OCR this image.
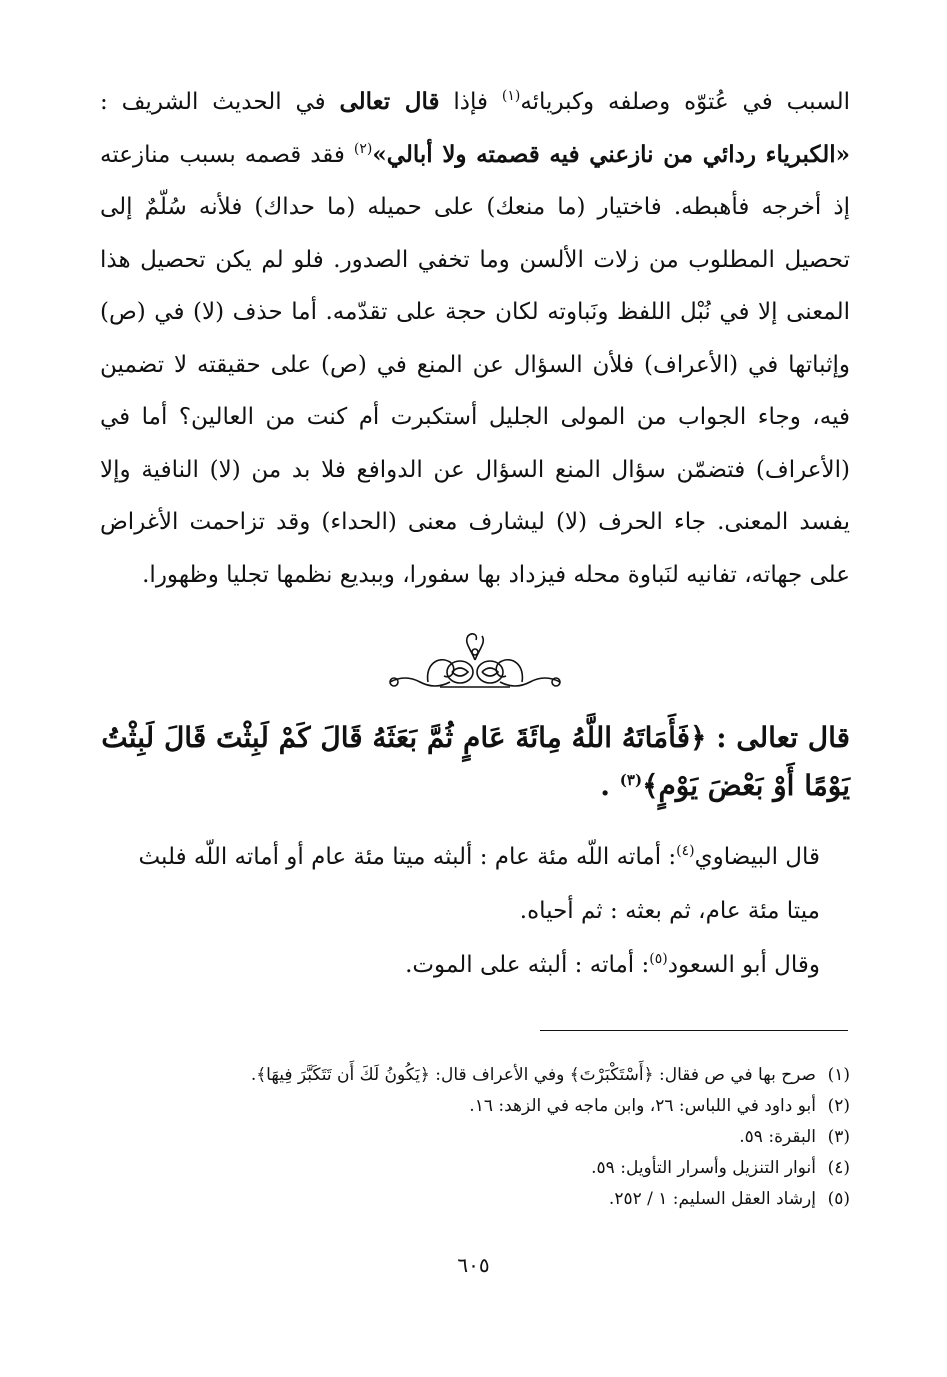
السبب في عُتوّه وصلفه وكبريائه$^{(١)}$ فإذا قال تعالى في الحديث الشريف : «الكبرياء ردائي من نازعني فيه قصمته ولا أبالي»$^{(٢)}$ فقد قصمه بسبب منازعته إذ أخرجه فأهبطه. فاختيار (ما منعك) على حميله (ما حداك) فلأنه سُلّمٌ إلى تحصيل المطلوب من زلات الألسن وما تخفي الصدور. فلو لم يكن تحصيل هذا المعنى إلا في نُبْل اللفظ ونَباوته لكان حجة على تقدّمه. أما حذف (لا) في (ص) وإثباتها في (الأعراف) فلأن السؤال عن المنع في (ص) على حقيقته لا تضمين فيه، وجاء الجواب من المولى الجليل أستكبرت أم كنت من العالين؟ أما في (الأعراف) فتضمّن سؤال المنع السؤال عن الدوافع فلا بد من (لا) النافية وإلا يفسد المعنى. جاء الحرف (لا) ليشارف معنى (الحداء) وقد تزاحمت الأغراض على جهاته، تفانيه لنَباوة محله فيزداد بها سفورا، وببديع نظمها تجليا وظهورا.

قال تعالى : ﴿فَأَمَاتَهُ اللَّهُ مِائَةَ عَامٍ ثُمَّ بَعَثَهُ قَالَ كَمْ لَبِثْتَ قَالَ لَبِثْتُ يَوْمًا أَوْ بَعْضَ يَوْمٍ﴾$^{(٣)}$ .

قال البيضاوي$^{(٤)}$: أماته اللّه مئة عام : ألبثه ميتا مئة عام أو أماته اللّه فلبث ميتا مئة عام، ثم بعثه : ثم أحياه.

وقال أبو السعود$^{(٥)}$: أماته : ألبثه على الموت.

(١)
صرح بها في ص فقال: ﴿أَسْتَكْبَرْتَ﴾ وفي الأعراف قال: ﴿يَكُونُ لَكَ أَن تَتَكَبَّرَ فِيهَا﴾.
(٢)
أبو داود في اللباس: ٢٦، وابن ماجه في الزهد: ١٦.
(٣)
البقرة: ٥٩.
(٤)
أنوار التنزيل وأسرار التأويل: ٥٩.
(٥)
إرشاد العقل السليم: ١ / ٢٥٢.
٦٠٥
